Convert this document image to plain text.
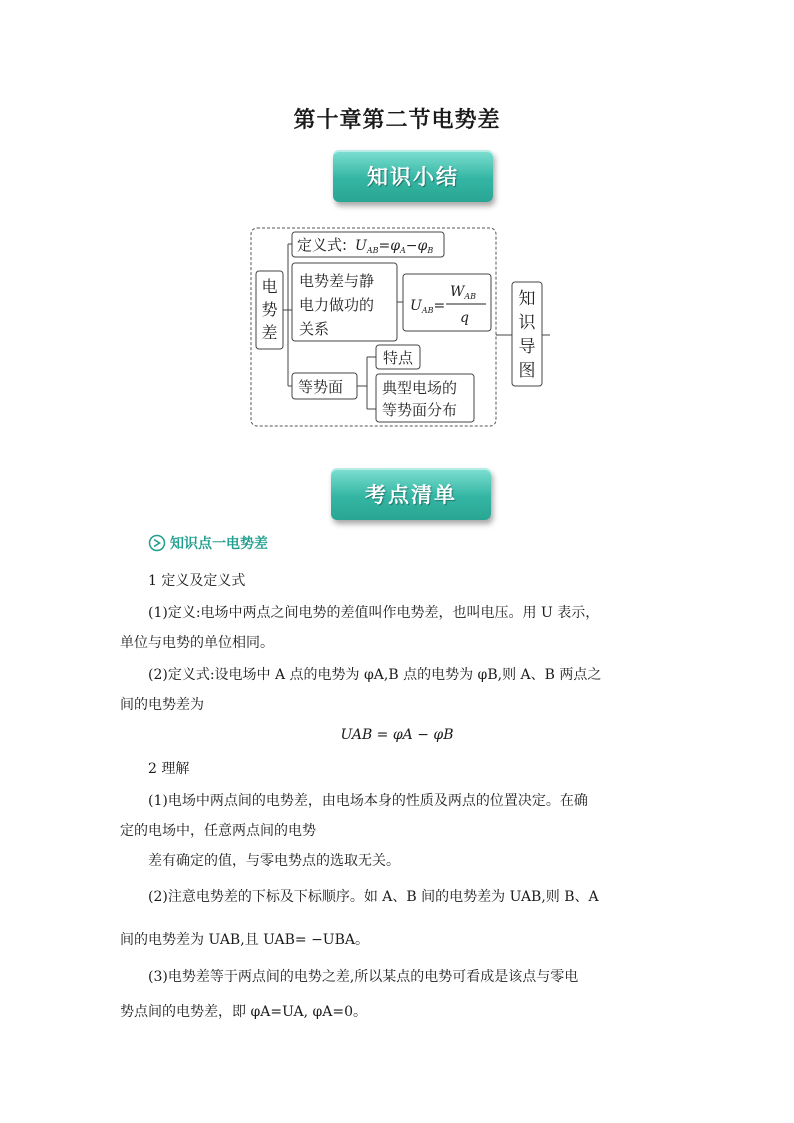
第十章第二节电势差
知识小结
电
势
差
定义式: $U_{AB}=\varphi_A-\varphi_B$
电势差与静
电力做功的
关系
$U_{AB}=$
$W_{AB}$
q
等势面
特点
典型电场的
等势面分布
知
识
导
图
考点清单
知识点一电势差
1 定义及定义式
(1)定义:电场中两点之间电势的差值叫作电势差，也叫电压。用 U 表示，
单位与电势的单位相同。
(2)定义式:设电场中 A 点的电势为 φA,B 点的电势为 φB,则 A、B 两点之
间的电势差为
UAB = φA − φB
2 理解
(1)电场中两点间的电势差，由电场本身的性质及两点的位置决定。在确
定的电场中，任意两点间的电势
差有确定的值，与零电势点的选取无关。
(2)注意电势差的下标及下标顺序。如 A、B 间的电势差为 UAB,则 B、A
间的电势差为 UAB,且 UAB= −UBA。
(3)电势差等于两点间的电势之差,所以某点的电势可看成是该点与零电
势点间的电势差，即 φA=UA, φA=0。
